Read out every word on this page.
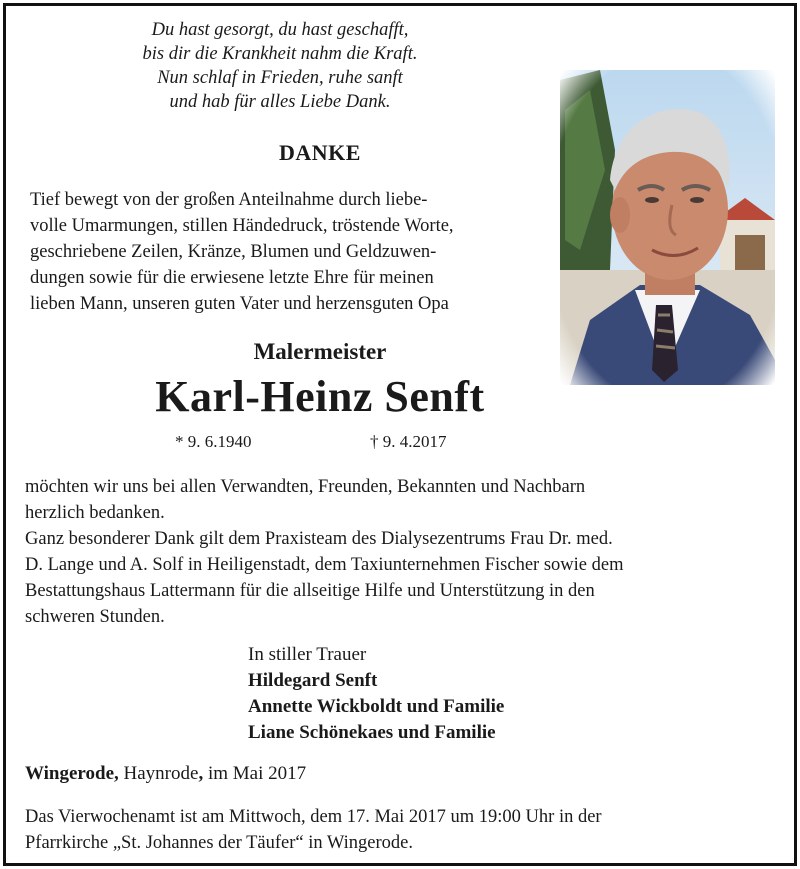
Du hast gesorgt, du hast geschafft,
bis dir die Krankheit nahm die Kraft.
Nun schlaf in Frieden, ruhe sanft
und hab für alles Liebe Dank.
DANKE
Tief bewegt von der großen Anteilnahme durch liebe-
volle Umarmungen, stillen Händedruck, tröstende Worte,
geschriebene Zeilen, Kränze, Blumen und Geldzuwen-
dungen sowie für die erwiesene letzte Ehre für meinen
lieben Mann, unseren guten Vater und herzensguten Opa
Malermeister
Karl-Heinz Senft
* 9. 6.1940	† 9. 4.2017
möchten wir uns bei allen Verwandten, Freunden, Bekannten und Nachbarn
herzlich bedanken.
Ganz besonderer Dank gilt dem Praxisteam des Dialysezentrums Frau Dr. med.
D. Lange und A. Solf in Heiligenstadt, dem Taxiunternehmen Fischer sowie dem
Bestattungshaus Lattermann für die allseitige Hilfe und Unterstützung in den
schweren Stunden.
In stiller Trauer
Hildegard Senft
Annette Wickboldt und Familie
Liane Schönekaes und Familie
Wingerode, Haynrode, im Mai 2017
Das Vierwochenamt ist am Mittwoch, dem 17. Mai 2017 um 19:00 Uhr in der
Pfarrkirche „St. Johannes der Täufer“ in Wingerode.
